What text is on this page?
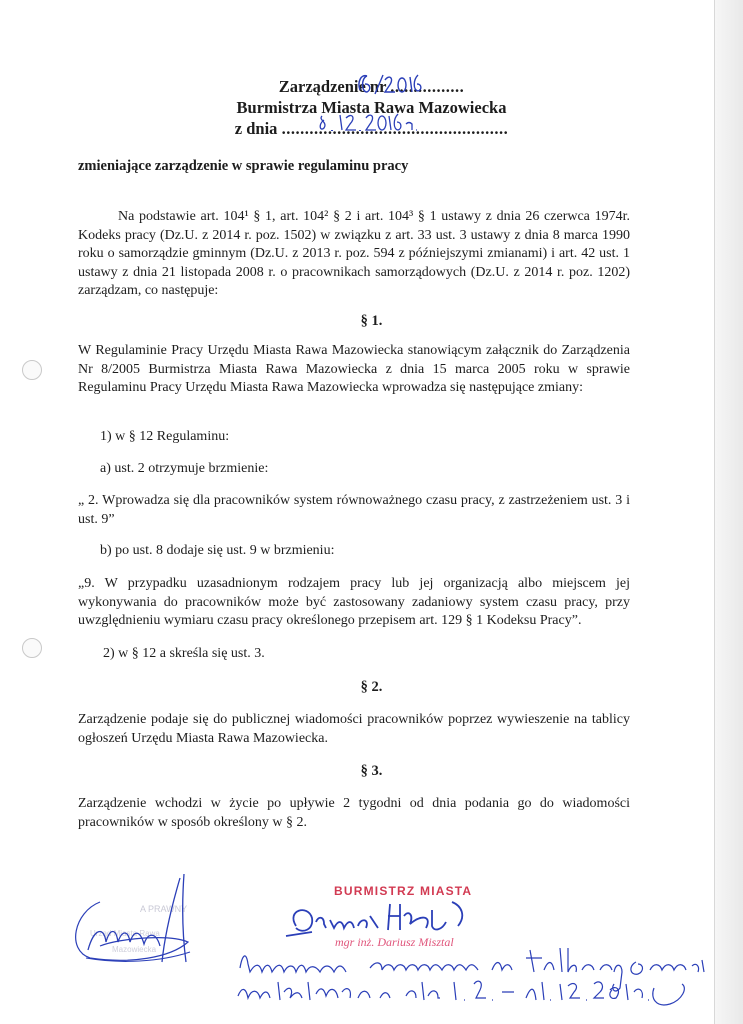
Zarządzenie nr ................
Burmistrza Miasta Rawa Mazowiecka
z dnia .................................................
zmieniające zarządzenie w sprawie regulaminu pracy
Na podstawie art. 104¹ § 1, art. 104² § 2 i art. 104³ § 1 ustawy z dnia 26 czerwca 1974r. Kodeks pracy (Dz.U. z 2014 r. poz. 1502) w związku z art. 33 ust. 3 ustawy z dnia 8 marca 1990 roku o samorządzie gminnym (Dz.U. z 2013 r. poz. 594 z późniejszymi zmianami) i art. 42 ust. 1 ustawy z dnia 21 listopada 2008 r. o pracownikach samorządowych (Dz.U. z 2014 r. poz. 1202) zarządzam, co następuje:
§ 1.
W Regulaminie Pracy Urzędu Miasta Rawa Mazowiecka stanowiącym załącznik do Zarządzenia Nr 8/2005 Burmistrza Miasta Rawa Mazowiecka z dnia 15 marca 2005 roku w sprawie Regulaminu Pracy Urzędu Miasta Rawa Mazowiecka wprowadza się następujące zmiany:
1) w § 12 Regulaminu:
a) ust. 2 otrzymuje brzmienie:
„ 2. Wprowadza się dla pracowników system równoważnego czasu pracy, z zastrzeżeniem ust. 3 i ust. 9”
b) po ust. 8 dodaje się ust. 9 w brzmieniu:
„9. W przypadku uzasadnionym rodzajem pracy lub jej organizacją albo miejscem jej wykonywania do pracowników może być zastosowany zadaniowy system czasu pracy, przy uwzględnieniu wymiaru czasu pracy określonego przepisem art. 129 § 1 Kodeksu Pracy”.
2) w § 12 a skreśla się ust. 3.
§ 2.
Zarządzenie podaje się do publicznej wiadomości pracowników poprzez wywieszenie na tablicy ogłoszeń Urzędu Miasta Rawa Mazowiecka.
§ 3.
Zarządzenie wchodzi w życie po upływie 2 tygodni od dnia podania go do wiadomości pracowników w sposób określony w § 2.
A PRAWNY
Urząd Miasta Rawa
Mazowiecka
BURMISTRZ MIASTA
mgr inż. Dariusz Misztal
